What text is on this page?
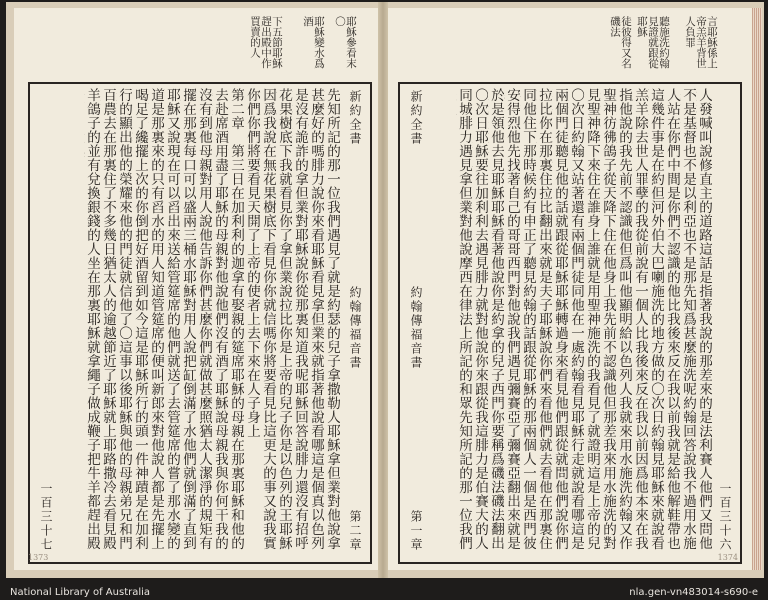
耶穌參看末〇
耶穌變水爲酒
下五節耶穌趕出殿中作買賣的人
新約全書
約翰傳福音書
第二章
一百三十七
先知所記的那一位我們遇見了就是約瑟的兒子拿撒勒人耶穌拿但業對他說拿
甚麼好的嗎腓力說你來看耶穌看見拿但業來就指著他說看哪這是個真以色列
是沒有詭詐的拿但業對耶穌說你從那裏知道我呢耶穌回答說腓力還沒有招呼
花果樹底下我就看見你了拿但業說拉比你是上帝的兒子你是以色列的王耶穌
因爲我說在無花果樹底下看見你你就信嗎你將要看見比這更大的事又說我實
你們你們將要看見天開了上帝的使者上去下來在人子身上
第二章　第三日在加利利的迦拿有娶親的筵席耶穌的母親在那裏耶穌和他的
去赴席酒用盡了耶穌的母親對他說他們沒有酒了耶穌說母親我與你何干我的
沒有到他母親對用人說他告訴你們甚麼你們就做甚麼照猶太人潔淨的規矩有
擺在那裏每口可以盛兩三桶水耶穌對用人說把缸倒滿了水他們就倒滿了直到
耶穌又說現在可以舀出來送給管筵席的他們就送了去管筵席的嘗了那水變的
道是那裏來的只有舀水的用人知道管筵席的便叫新郎來對他說人都是先擺上
喝足了纔擺上次的你倒把好酒留到如今這是耶穌所行的頭一件神蹟是在加利
行的顯出他的榮耀來他的門徒就信他了〇這事以後耶穌與他的母親弟兄和門
百農去在那裏住了不多幾日猶太人的逾越節近了耶穌就上耶路撒冷去看見殿
羊鴿子的並有兌換銀錢的人坐在那裏耶穌就拿繩子做成鞭子把牛羊都趕出殿
1373
言耶穌係上帝羔羊背世人負罪
聽施洗約翰見證就跟從耶穌
徒彼得又名磯法
新約全書
約翰傳福音書
第一章	一百三十六
人發喊叫說修直主的道路這話是指著我說的那差來的是法利賽人他們又問他
不是基督也不是以利亞也不是那先知爲甚麼施洗呢約翰回答說我不過用水施
人站在你們中間是你們不認識的他比我後來反在我以前我就是給他解鞋帶也
這幾件事是在約但河外伯大巴喇施洗的地方做的〇次日約翰見耶穌來就說看
羔羊除去世人罪孽的我從前說有一個人比我後來反在我以前因爲他本來在我
指他說的我先前不認識他但爲叫他顯明給以色列人我就來用水施洗約翰又作
聖神彷彿鴿子從天降下住在他身上我先前不認識他但那差我來用水施洗的對
見聖神降下來住在誰身上誰就是用聖神施洗的我看見了就證明這是上帝的兒
〇次日約翰又站著還有兩個門徒同他在一處約翰看見耶穌行走就說看哪這是
兩個門徒聽見他的話就跟從耶穌耶穌轉過身來看見他們跟從就問他們說你們
拉比你在那裏住拉比翻出來就是夫子耶穌說你們來看他們就去看他在那裏住
同他住下那時候約有申正了聽見約翰的話跟從耶穌的那兩個人一個是西門彼
安得烈他先找著自己的哥哥西門對他說我們遇見彌賽亞了彌賽亞翻出來就是
於是領他去見耶穌耶穌看著他說你是約拿的兒子西門你要稱爲磯法磯法翻出
〇次日耶穌要往加利利去遇見腓力就對他說你來跟從我這腓力是伯賽大的人
同城腓力遇見拿但業對他說摩西在律法上所記的和眾先知所記的那一位我們
1374
National Library of Australia	nla.gen-vn483014-s690-e
